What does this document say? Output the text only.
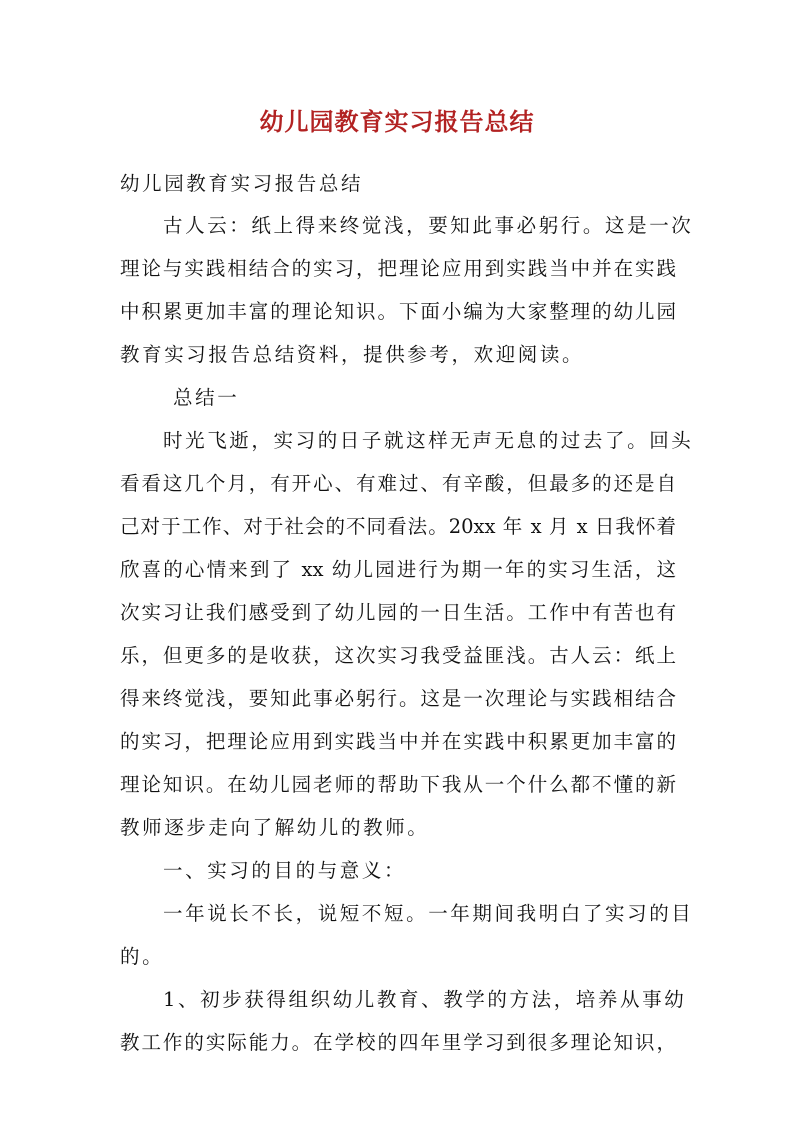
幼儿园教育实习报告总结
幼儿园教育实习报告总结
古人云：纸上得来终觉浅，要知此事必躬行。这是一次
理论与实践相结合的实习，把理论应用到实践当中并在实践
中积累更加丰富的理论知识。下面小编为大家整理的幼儿园
教育实习报告总结资料，提供参考，欢迎阅读。
总结一
时光飞逝，实习的日子就这样无声无息的过去了。回头
看看这几个月，有开心、有难过、有辛酸，但最多的还是自
己对于工作、对于社会的不同看法。20xx 年 x 月 x 日我怀着
欣喜的心情来到了 xx 幼儿园进行为期一年的实习生活，这
次实习让我们感受到了幼儿园的一日生活。工作中有苦也有
乐，但更多的是收获，这次实习我受益匪浅。古人云：纸上
得来终觉浅，要知此事必躬行。这是一次理论与实践相结合
的实习，把理论应用到实践当中并在实践中积累更加丰富的
理论知识。在幼儿园老师的帮助下我从一个什么都不懂的新
教师逐步走向了解幼儿的教师。
一、实习的目的与意义：
一年说长不长，说短不短。一年期间我明白了实习的目
的。
1、初步获得组织幼儿教育、教学的方法，培养从事幼
教工作的实际能力。在学校的四年里学习到很多理论知识，
